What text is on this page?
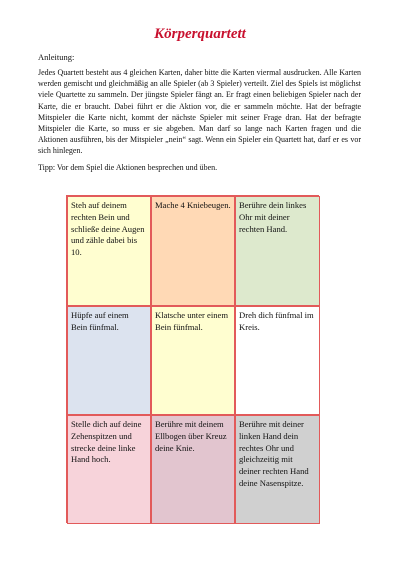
Körperquartett
Anleitung:

Jedes Quartett besteht aus 4 gleichen Karten, daher bitte die Karten viermal ausdrucken. Alle Karten werden gemischt und gleichmäßig an alle Spieler (ab 3 Spieler) verteilt. Ziel des Spiels ist möglichst viele Quartette zu sammeln. Der jüngste Spieler fängt an. Er fragt einen beliebigen Spieler nach der Karte, die er braucht. Dabei führt er die Aktion vor, die er sammeln möchte. Hat der befragte Mitspieler die Karte nicht, kommt der nächste Spieler mit seiner Frage dran. Hat der befragte Mitspieler die Karte, so muss er sie abgeben. Man darf so lange nach Karten fragen und die Aktionen ausführen, bis der Mitspieler „nein“ sagt. Wenn ein Spieler ein Quartett hat, darf er es vor sich hinlegen.

Tipp: Vor dem Spiel die Aktionen besprechen und üben.
Steh auf deinem rechten Bein und schließe deine Augen und zähle dabei bis 10.
Mache 4 Kniebeugen. Berühre dein linkes Ohr mit deiner rechten Hand.
Hüpfe auf einem Bein fünfmal.
Klatsche unter einem Bein fünfmal.
Dreh dich fünfmal im Kreis.
Stelle dich auf deine Zehenspitzen und strecke deine linke Hand hoch.
Berühre mit deinem Ellbogen über Kreuz deine Knie.
Berühre mit deiner linken Hand dein rechtes Ohr und gleichzeitig mit deiner rechten Hand deine Nasenspitze.
